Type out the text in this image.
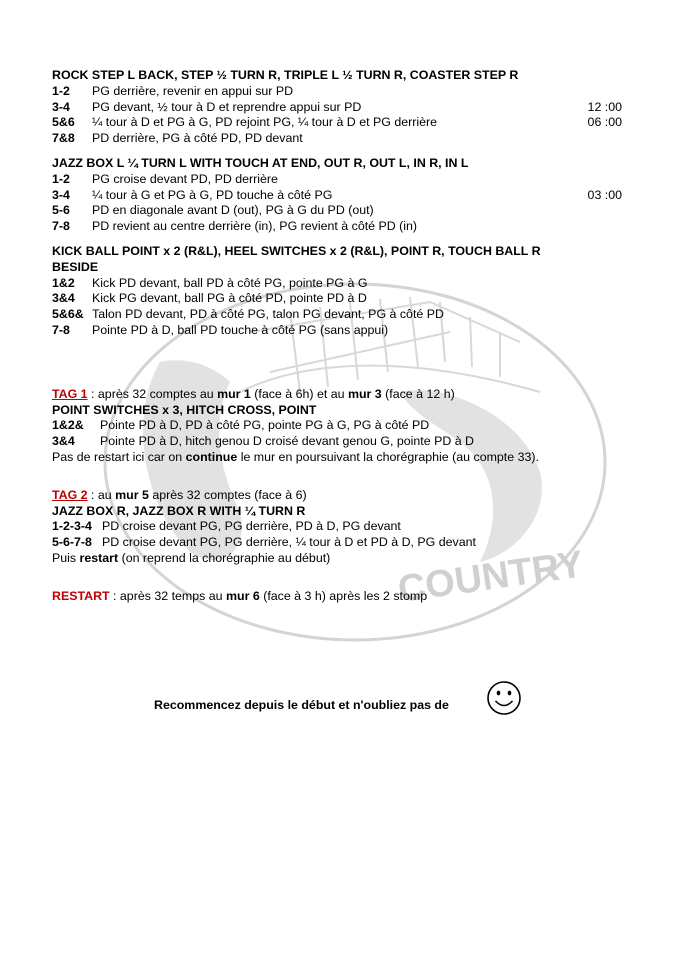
COUNTRY
ROCK STEP L BACK, STEP ½ TURN R, TRIPLE L ½ TURN R, COASTER STEP R
1-2	PG derrière, revenir en appui sur PD
3-4	PG devant, ½ tour à D et reprendre appui sur PD	12 :00
5&6	¼ tour à D et PG à G, PD rejoint PG, ¼ tour à D et PG derrière	06 :00
7&8	PD derrière, PG à côté PD, PD devant
JAZZ BOX L ¼ TURN L WITH TOUCH AT END, OUT R, OUT L, IN R, IN L
1-2	PG croise devant PD, PD derrière
3-4	¼ tour à G et PG à G, PD touche à côté PG	03 :00
5-6	PD en diagonale avant D (out), PG à G du PD (out)
7-8	PD revient au centre derrière (in), PG revient à côté PD (in)
KICK BALL POINT x 2 (R&L), HEEL SWITCHES x 2 (R&L), POINT R, TOUCH BALL R
BESIDE
1&2	Kick PD devant, ball PD à côté PG, pointe PG à G
3&4	Kick PG devant, ball PG à côté PD, pointe PD à D
5&6& Talon PD devant, PD à côté PG, talon PG devant, PG à côté PD
7-8	Pointe PD à D, ball PD touche à côté PG (sans appui)
TAG 1 : après 32 comptes au mur 1 (face à 6h) et au mur 3 (face à 12 h)
POINT SWITCHES x 3, HITCH CROSS, POINT
1&2&	Pointe PD à D, PD à côté PG, pointe PG à G, PG à côté PD
3&4	Pointe PD à D, hitch genou D croisé devant genou G, pointe PD à D
Pas de restart ici car on continue le mur en poursuivant la chorégraphie (au compte 33).
TAG 2 : au mur 5 après 32 comptes (face à 6)
JAZZ BOX R, JAZZ BOX R WITH ¼ TURN R
1-2-3-4 PD croise devant PG, PG derrière, PD à D, PG devant
5-6-7-8 PD croise devant PG, PG derrière, ¼ tour à D et PD à D, PG devant
Puis restart (on reprend la chorégraphie au début)
RESTART : après 32 temps au mur 6 (face à 3 h) après les 2 stomp
Recommencez depuis le début et n'oubliez pas de
